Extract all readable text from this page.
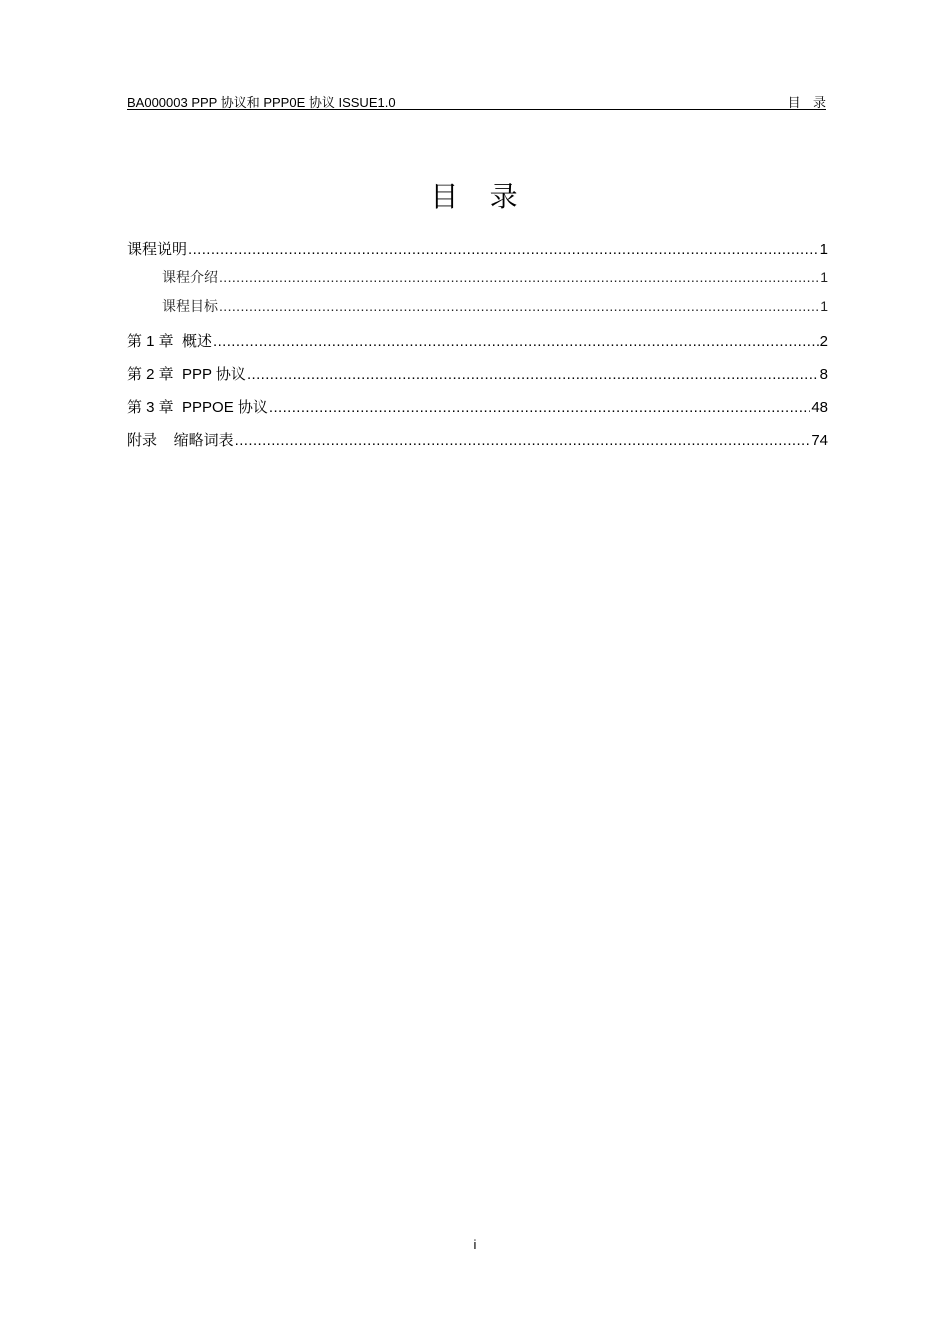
BA000003 PPP 协议和 PPP0E 协议 ISSUE1.0	目   录
目   录
课程说明 .....	1
课程介绍 .....	1
课程目标 .....	1
第 1 章  概述 .....	2
第 2 章  PPP 协议 .....	8
第 3 章  PPPOE 协议 .....	48
附录    缩略词表 .....	74
i
